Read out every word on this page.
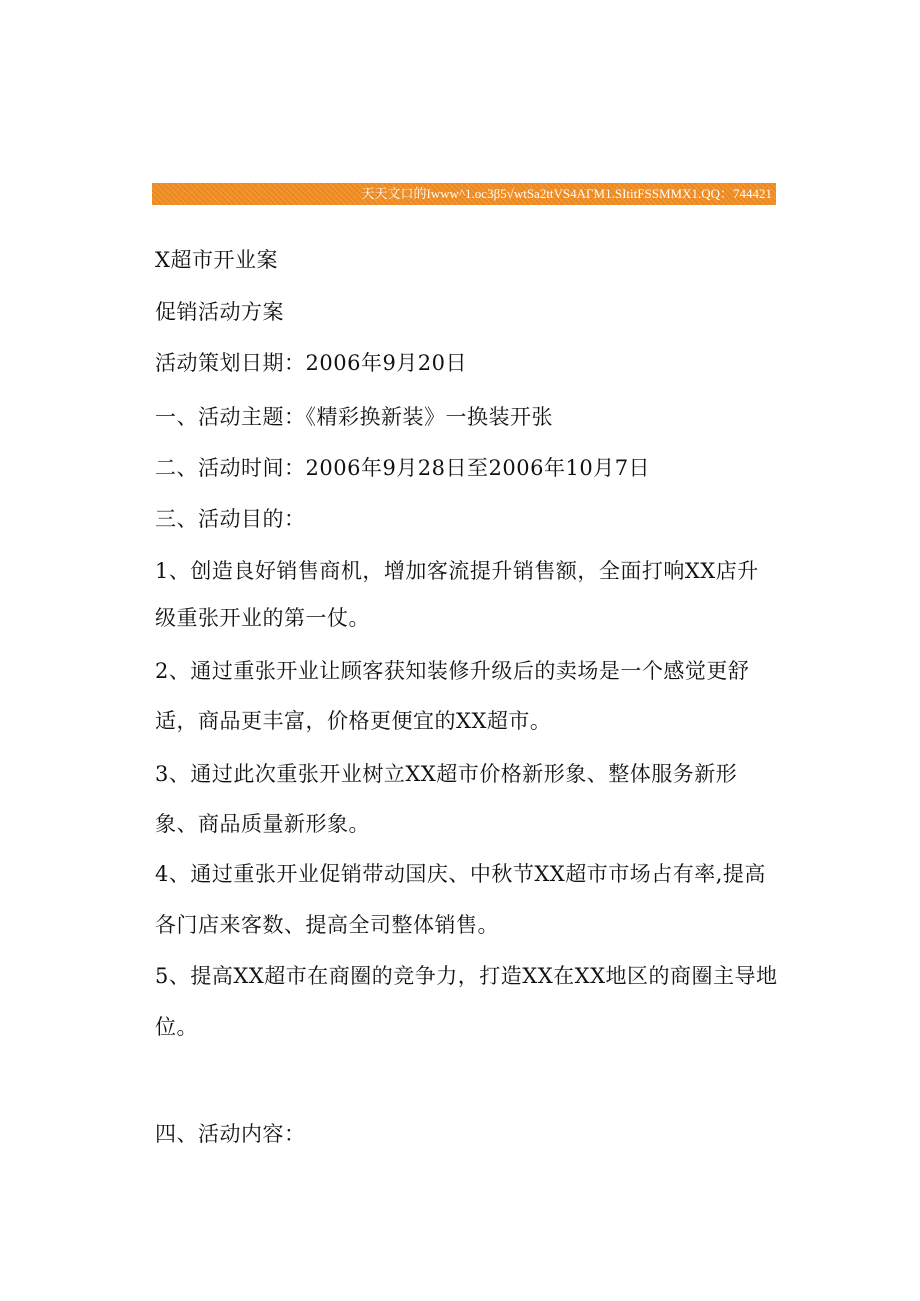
天天文口的Iwww^1.oc3β5√wtSa2ttVS4AΓM1.SItitFSSMMX1.QQ：744421
X超市开业案
促销活动方案
活动策划日期：2006年9月20日
一、活动主题：《精彩换新装》一换装开张
二、活动时间：2006年9月28日至2006年10月7日
三、活动目的：
1、创造良好销售商机，增加客流提升销售额，全面打响XX店升
级重张开业的第一仗。
2、通过重张开业让顾客获知装修升级后的卖场是一个感觉更舒
适，商品更丰富，价格更便宜的XX超市。
3、通过此次重张开业树立XX超市价格新形象、整体服务新形
象、商品质量新形象。
4、通过重张开业促销带动国庆、中秋节XX超市市场占有率,提高
各门店来客数、提高全司整体销售。
5、提高XX超市在商圈的竞争力，打造XX在XX地区的商圈主导地
位。
四、活动内容：
